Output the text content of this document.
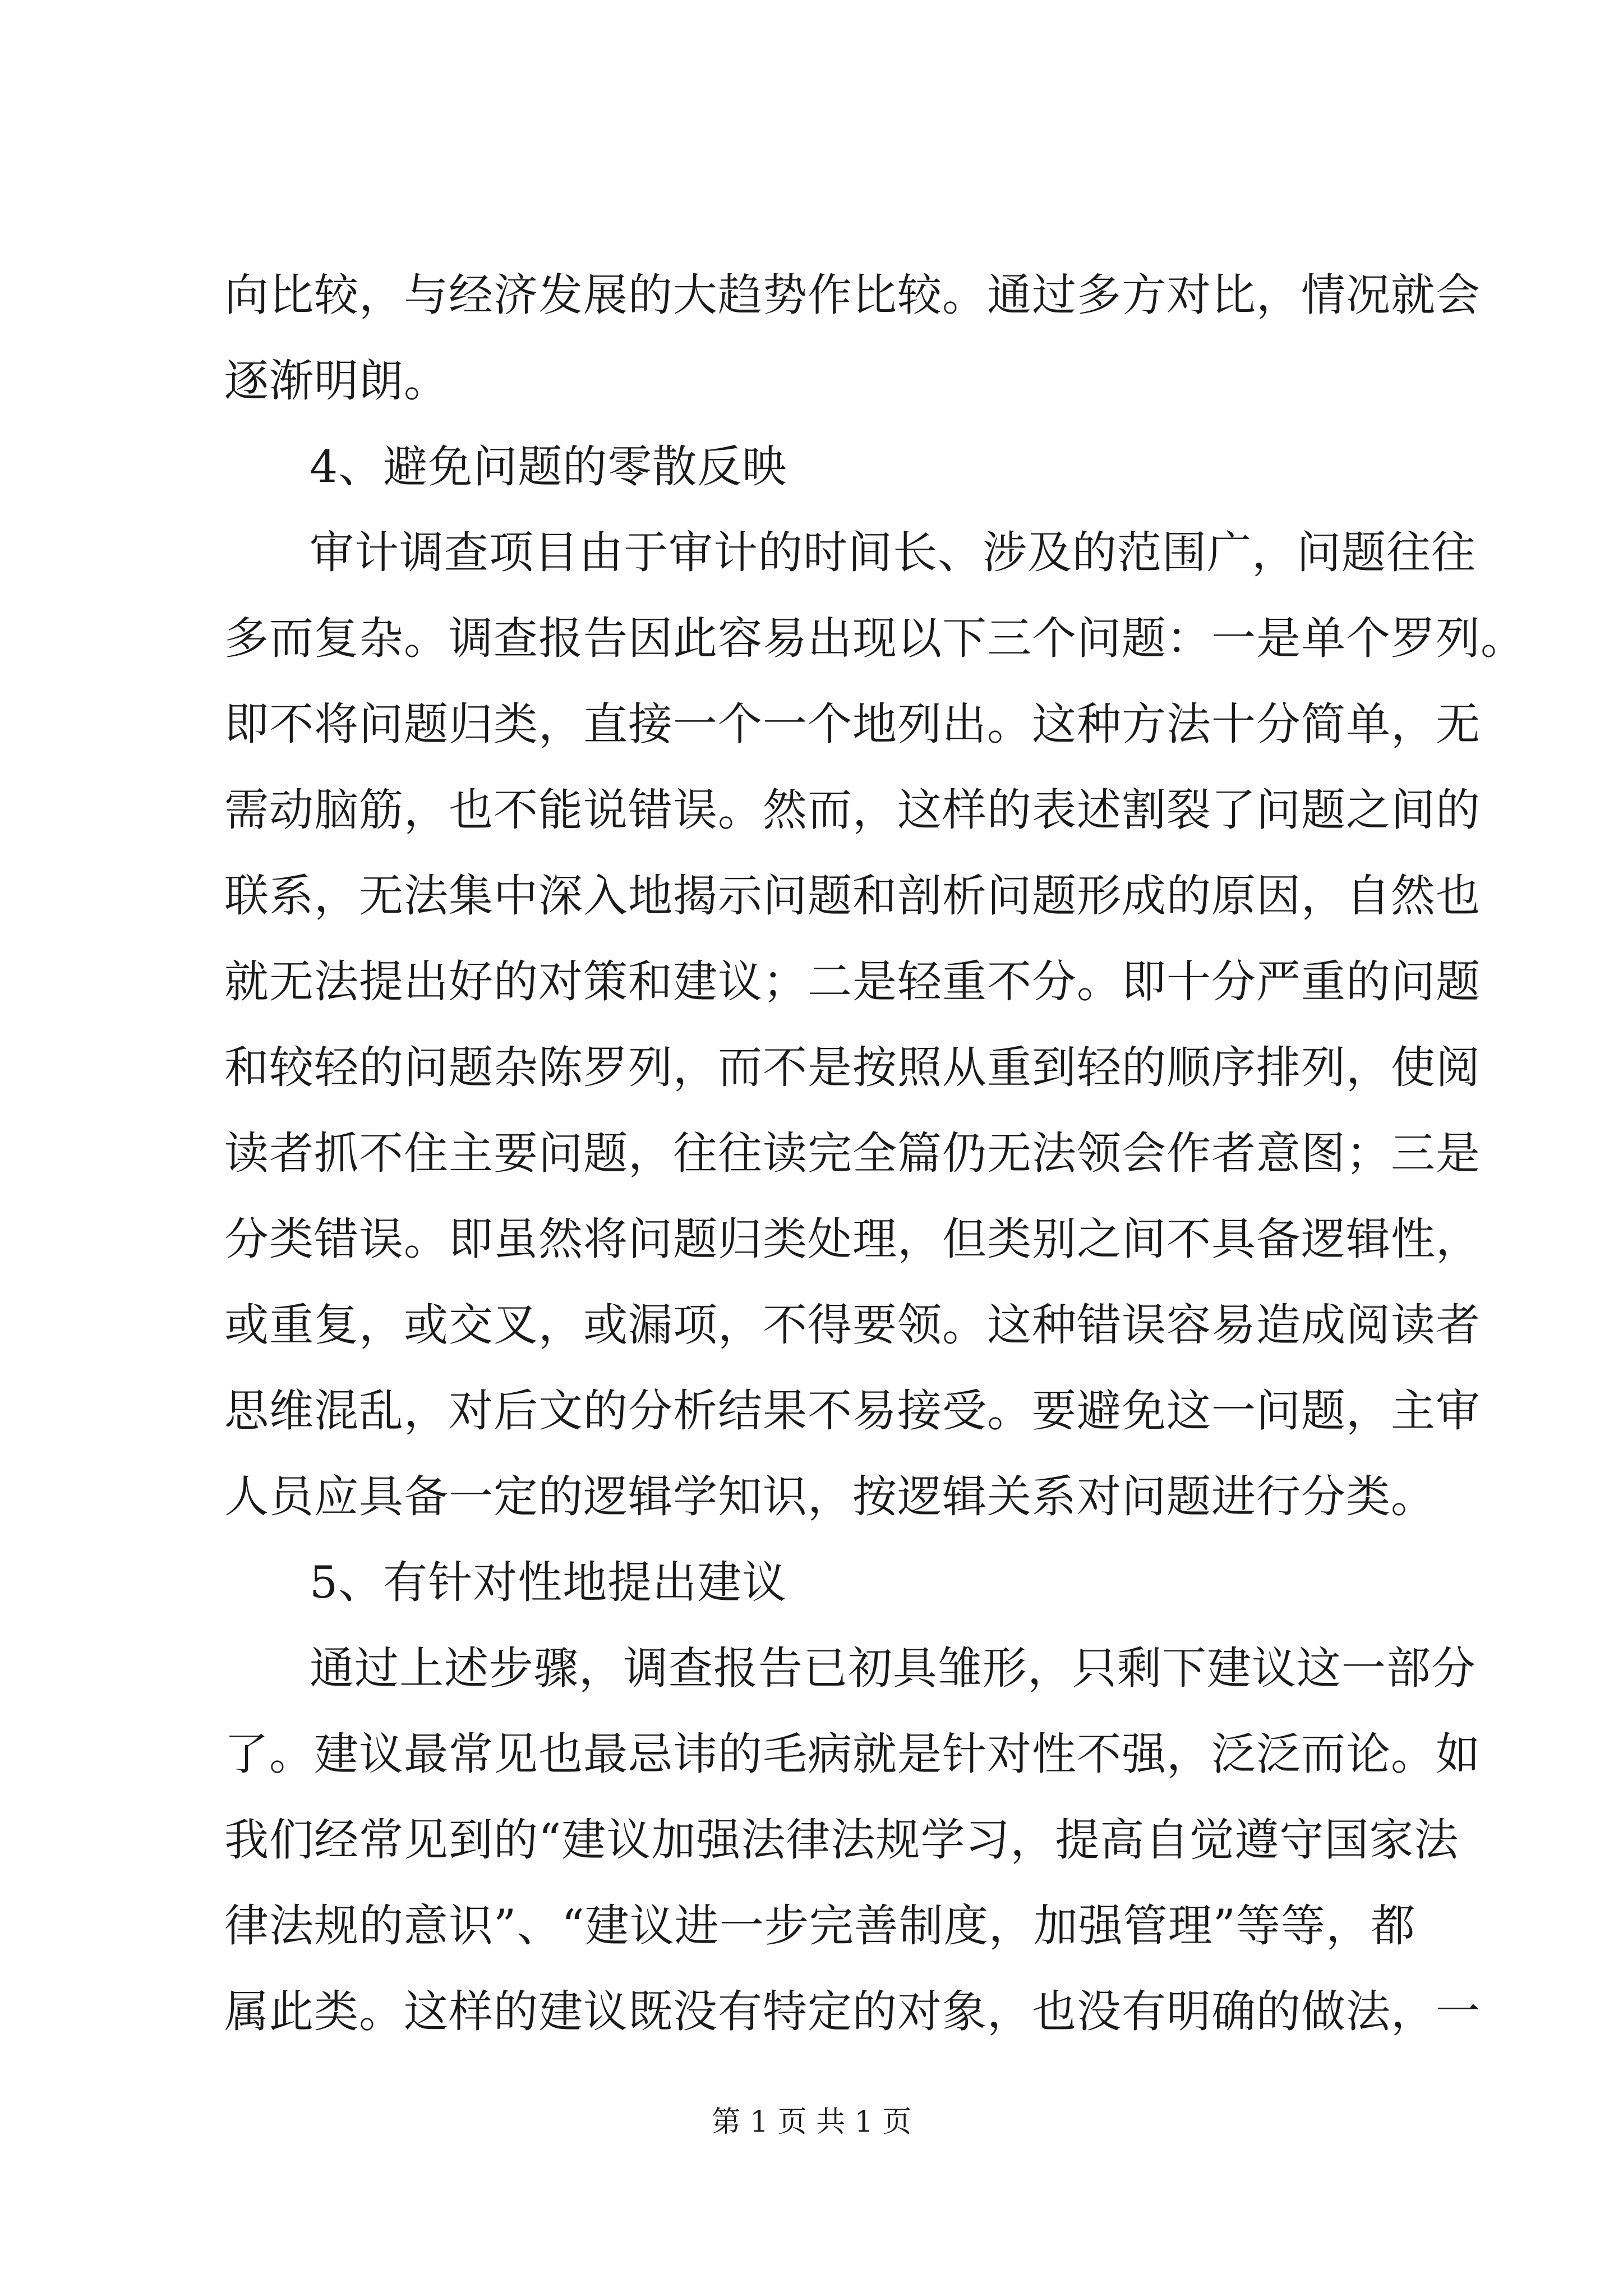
向比较，与经济发展的大趋势作比较。通过多方对比，情况就会
逐渐明朗。

4、避免问题的零散反映

审计调查项目由于审计的时间长、涉及的范围广，问题往往
多而复杂。调查报告因此容易出现以下三个问题：一是单个罗列。
即不将问题归类，直接一个一个地列出。这种方法十分简单，无
需动脑筋，也不能说错误。然而，这样的表述割裂了问题之间的
联系，无法集中深入地揭示问题和剖析问题形成的原因，自然也
就无法提出好的对策和建议；二是轻重不分。即十分严重的问题
和较轻的问题杂陈罗列，而不是按照从重到轻的顺序排列，使阅
读者抓不住主要问题，往往读完全篇仍无法领会作者意图；三是
分类错误。即虽然将问题归类处理，但类别之间不具备逻辑性，
或重复，或交叉，或漏项，不得要领。这种错误容易造成阅读者
思维混乱，对后文的分析结果不易接受。要避免这一问题，主审
人员应具备一定的逻辑学知识，按逻辑关系对问题进行分类。

5、有针对性地提出建议

通过上述步骤，调查报告已初具雏形，只剩下建议这一部分
了。建议最常见也最忌讳的毛病就是针对性不强，泛泛而论。如
我们经常见到的“建议加强法律法规学习，提高自觉遵守国家法
律法规的意识”、“建议进一步完善制度，加强管理”等等，都
属此类。这样的建议既没有特定的对象，也没有明确的做法，一

第 1 页 共 1 页
